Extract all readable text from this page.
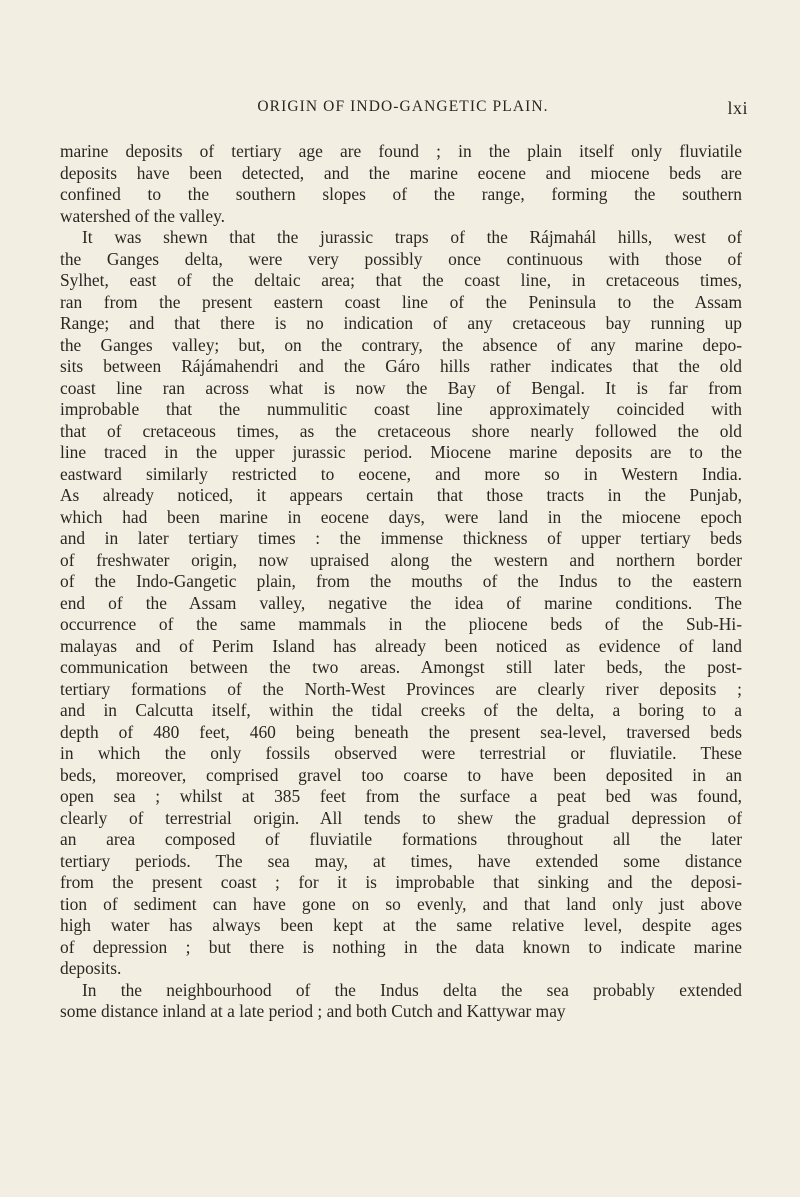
ORIGIN OF INDO-GANGETIC PLAIN.	lxi
marine deposits of tertiary age are found ; in the plain itself only fluviatile
deposits have been detected, and the marine eocene and miocene beds are
confined to the southern slopes of the range, forming the southern
watershed of the valley.
It was shewn that the jurassic traps of the Rájmahál hills, west of
the Ganges delta, were very possibly once continuous with those of
Sylhet, east of the deltaic area; that the coast line, in cretaceous times,
ran from the present eastern coast line of the Peninsula to the Assam
Range; and that there is no indication of any cretaceous bay running up
the Ganges valley; but, on the contrary, the absence of any marine depo-
sits between Rájámahendri and the Gáro hills rather indicates that the old
coast line ran across what is now the Bay of Bengal. It is far from
improbable that the nummulitic coast line approximately coincided with
that of cretaceous times, as the cretaceous shore nearly followed the old
line traced in the upper jurassic period. Miocene marine deposits are to the
eastward similarly restricted to eocene, and more so in Western India.
As already noticed, it appears certain that those tracts in the Punjab,
which had been marine in eocene days, were land in the miocene epoch
and in later tertiary times : the immense thickness of upper tertiary beds
of freshwater origin, now upraised along the western and northern border
of the Indo-Gangetic plain, from the mouths of the Indus to the eastern
end of the Assam valley, negative the idea of marine conditions. The
occurrence of the same mammals in the pliocene beds of the Sub-Hi-
malayas and of Perim Island has already been noticed as evidence of land
communication between the two areas. Amongst still later beds, the post-
tertiary formations of the North-West Provinces are clearly river deposits ;
and in Calcutta itself, within the tidal creeks of the delta, a boring to a
depth of 480 feet, 460 being beneath the present sea-level, traversed beds
in which the only fossils observed were terrestrial or fluviatile. These
beds, moreover, comprised gravel too coarse to have been deposited in an
open sea ; whilst at 385 feet from the surface a peat bed was found,
clearly of terrestrial origin. All tends to shew the gradual depression of
an area composed of fluviatile formations throughout all the later
tertiary periods. The sea may, at times, have extended some distance
from the present coast ; for it is improbable that sinking and the deposi-
tion of sediment can have gone on so evenly, and that land only just above
high water has always been kept at the same relative level, despite ages
of depression ; but there is nothing in the data known to indicate marine
deposits.
In the neighbourhood of the Indus delta the sea probably extended
some distance inland at a late period ; and both Cutch and Kattywar may
